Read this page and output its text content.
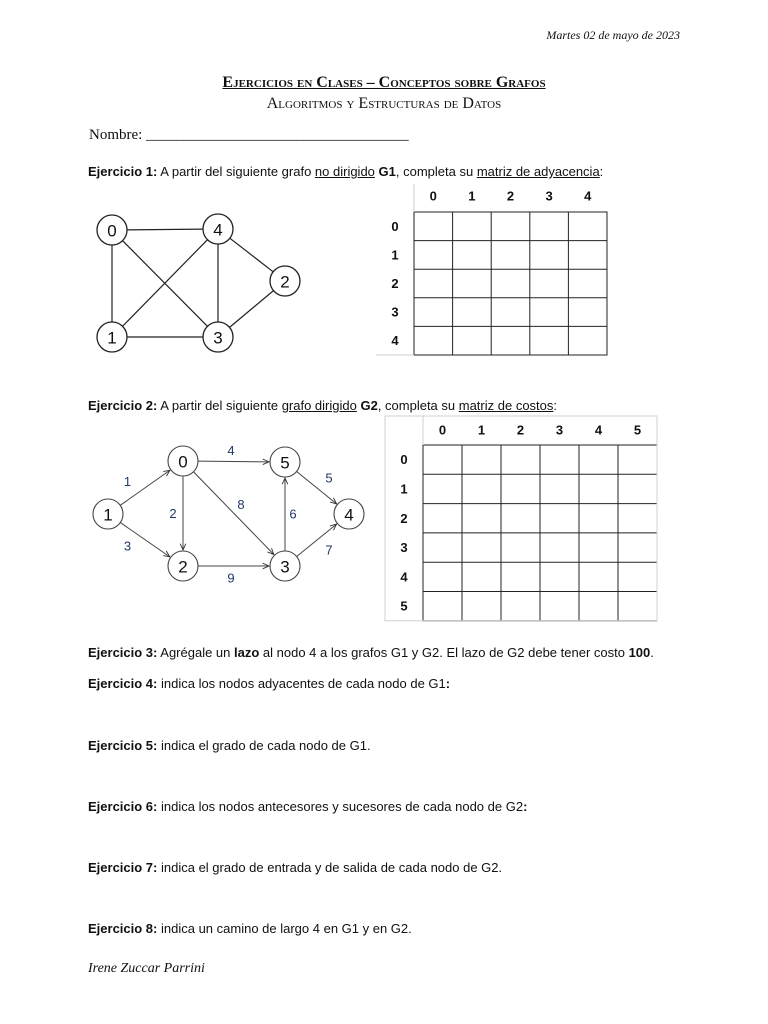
Martes 02 de mayo de 2023
Ejercicios en Clases – Conceptos sobre Grafos
Algoritmos y Estructuras de Datos
Nombre: ___________________________________
Ejercicio 1: A partir del siguiente grafo no dirigido G1, completa su matriz de adyacencia:
0
1
2
3
4
0 1 2 3 4
0
1
2
3
4
1
3
4
2
8
9
6
5
7
0
1
2	3
4
5
0 1 2 3 4 5
0
1
2
3
4
5
Ejercicio 2: A partir del siguiente grafo dirigido G2, completa su matriz de costos:
Ejercicio 3: Agrégale un lazo al nodo 4 a los grafos G1 y G2. El lazo de G2 debe tener costo 100.
Ejercicio 4: indica los nodos adyacentes de cada nodo de G1:
Ejercicio 5: indica el grado de cada nodo de G1.
Ejercicio 6: indica los nodos antecesores y sucesores de cada nodo de G2:
Ejercicio 7: indica el grado de entrada y de salida de cada nodo de G2.
Ejercicio 8: indica un camino de largo 4 en G1 y en G2.
Irene Zuccar Parrini
